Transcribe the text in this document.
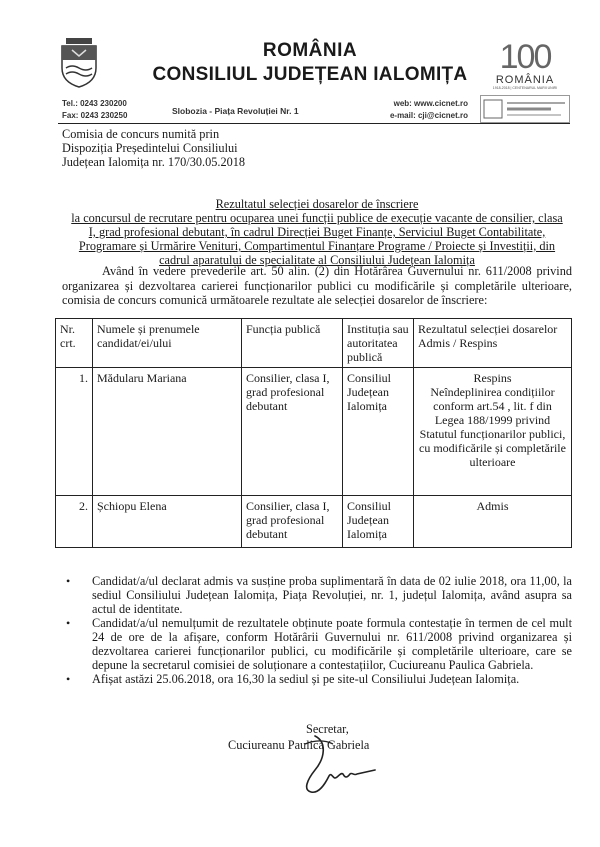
ROMÂNIA
CONSILIUL JUDEȚEAN IALOMIȚA 100
ROMÂNIA
1918-2018 | CENTENARUL MARII UNIRI
Tel.: 0243 230200
Fax: 0243 230250	Slobozia - Piața Revoluției Nr. 1
web: www.cicnet.ro
e-mail: cji@cicnet.ro
Comisia de concurs numită prin
Dispoziția Președintelui Consiliului
Județean Ialomița nr. 170/30.05.2018
Rezultatul selecției dosarelor de înscriere
la concursul de recrutare pentru ocuparea unei funcții publice de execuție vacante de consilier, clasa
I, grad profesional debutant, în cadrul Direcției Buget Finanțe, Serviciul Buget Contabilitate,
Programare și Urmărire Venituri, Compartimentul Finanțare Programe / Proiecte și Investiții, din
cadrul aparatului de specialitate al Consiliului Județean Ialomița
Având în vedere prevederile art. 50 alin. (2) din Hotărârea Guvernului nr. 611/2008 privind organizarea și dezvoltarea carierei funcționarilor publici cu modificările și completările ulterioare, comisia de concurs comunică următoarele rezultate ale selecției dosarelor de înscriere:
Nr. crt.	Numele și prenumele candidat/ei/ului	Funcția publică	Instituția sau autoritatea publică	Rezultatul selecției dosarelor Admis / Respins
1.	Mădularu Mariana	Consilier, clasa I, grad profesional debutant	Consiliul Județean Ialomița	Respins
Neîndeplinirea condițiilor conform art.54 , lit. f din Legea 188/1999 privind Statutul funcționarilor publici, cu modificările și completările ulterioare

2.	Șchiopu Elena	Consilier, clasa I, grad profesional debutant	Consiliul Județean Ialomița	Admis
• Candidat/a/ul declarat admis va susține proba suplimentară în data de 02 iulie 2018, ora 11,00, la sediul Consiliului Județean Ialomița, Piața Revoluției, nr. 1, județul Ialomița, având asupra sa actul de identitate.
• Candidat/a/ul nemulțumit de rezultatele obținute poate formula contestație în termen de cel mult 24 de ore de la afișare, conform Hotărârii Guvernului nr. 611/2008 privind organizarea și dezvoltarea carierei funcționarilor publici, cu modificările și completările ulterioare, care se depune la secretarul comisiei de soluționare a contestațiilor, Cuciureanu Paulica Gabriela.
• Afișat astăzi 25.06.2018, ora 16,30 la sediul și pe site-ul Consiliului Județean Ialomița.
Secretar,
Cuciureanu Paulica Gabriela
